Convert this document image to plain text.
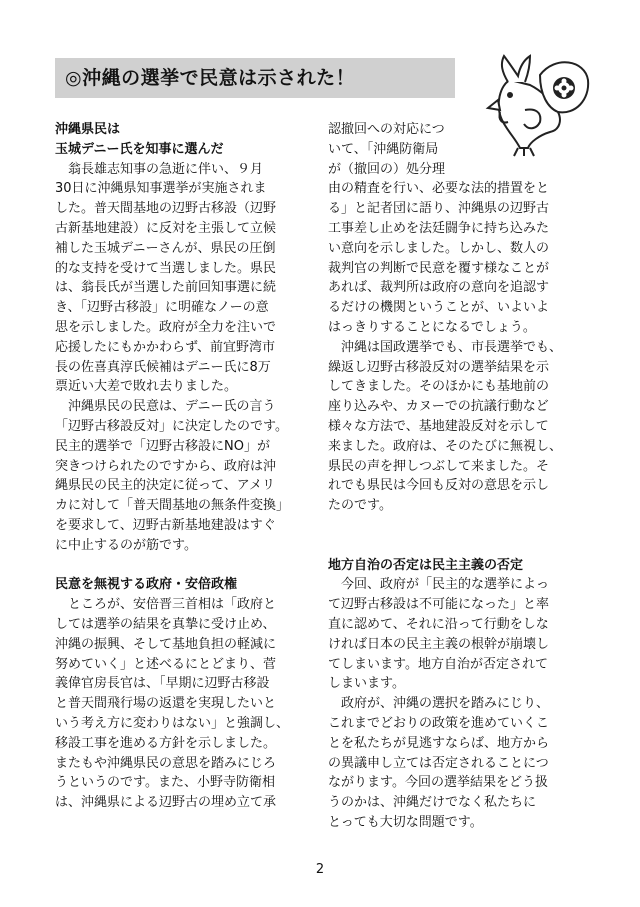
◎沖縄の選挙で民意は示された！
沖縄県民は
玉城デニー氏を知事に選んだ
　翁長雄志知事の急逝に伴い、９月
30日に沖縄県知事選挙が実施されま
した。普天間基地の辺野古移設（辺野
古新基地建設）に反対を主張して立候
補した玉城デニーさんが、県民の圧倒
的な支持を受けて当選しました。県民
は、翁長氏が当選した前回知事選に続
き、「辺野古移設」に明確なノーの意
思を示しました。政府が全力を注いで
応援したにもかかわらず、前宜野湾市
長の佐喜真淳氏候補はデニー氏に8万
票近い大差で敗れ去りました。
　沖縄県民の民意は、デニー氏の言う
「辺野古移設反対」に決定したのです。
民主的選挙で「辺野古移設にNO」が
突きつけられたのですから、政府は沖
縄県民の民主的決定に従って、アメリ
カに対して「普天間基地の無条件変換」
を要求して、辺野古新基地建設はすぐ
に中止するのが筋です。
民意を無視する政府・安倍政権
　ところが、安倍晋三首相は「政府と
しては選挙の結果を真摯に受け止め、
沖縄の振興、そして基地負担の軽減に
努めていく」と述べるにとどまり、菅
義偉官房長官は、「早期に辺野古移設
と普天間飛行場の返還を実現したいと
いう考え方に変わりはない」と強調し、
移設工事を進める方針を示しました。
またもや沖縄県民の意思を踏みにじろ
うというのです。また、小野寺防衛相
は、沖縄県による辺野古の埋め立て承
認撤回への対応につ
いて、「沖縄防衛局
が（撤回の）処分理
由の精査を行い、必要な法的措置をと
る」と記者団に語り、沖縄県の辺野古
工事差し止めを法廷闘争に持ち込みた
い意向を示しました。しかし、数人の
裁判官の判断で民意を覆す様なことが
あれば、裁判所は政府の意向を追認す
るだけの機関ということが、いよいよ
はっきりすることになるでしょう。
　沖縄は国政選挙でも、市長選挙でも、
繰返し辺野古移設反対の選挙結果を示
してきました。そのほかにも基地前の
座り込みや、カヌーでの抗議行動など
様々な方法で、基地建設反対を示して
来ました。政府は、そのたびに無視し、
県民の声を押しつぶして来ました。そ
れでも県民は今回も反対の意思を示し
たのです。
地方自治の否定は民主主義の否定
　今回、政府が「民主的な選挙によっ
て辺野古移設は不可能になった」と率
直に認めて、それに沿って行動をしな
ければ日本の民主主義の根幹が崩壊し
てしまいます。地方自治が否定されて
しまいます。
　政府が、沖縄の選択を踏みにじり、
これまでどおりの政策を進めていくこ
とを私たちが見逃すならば、地方から
の異議申し立ては否定されることにつ
ながります。今回の選挙結果をどう扱
うのかは、沖縄だけでなく私たちに
とっても大切な問題です。
2
